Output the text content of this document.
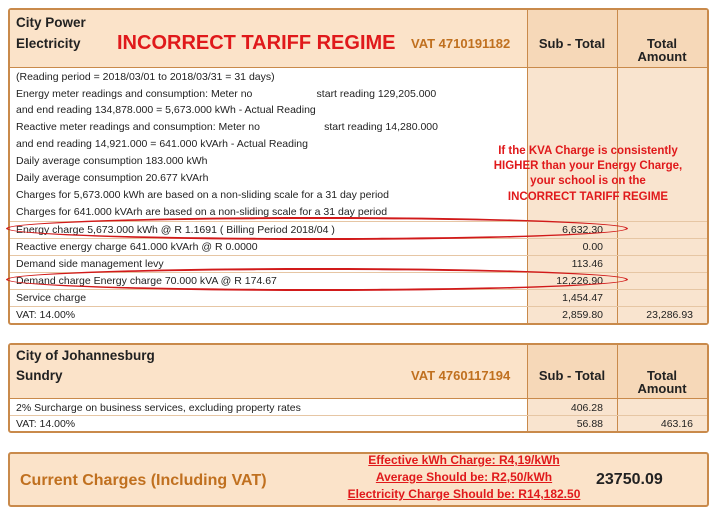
City Power
Electricity INCORRECT TARIFF REGIME VAT 4710191182	Sub - Total	Total Amount
(Reading period = 2018/03/01 to 2018/03/31 = 31 days)
Energy meter readings and consumption: Meter no                      start reading 129,205.000
and end reading 134,878.000 = 5,673.000 kWh - Actual Reading
Reactive meter readings and consumption: Meter no                      start reading 14,280.000
and end reading 14,921.000 = 641.000 kVArh - Actual Reading
Daily average consumption 183.000 kWh
Daily average consumption 20.677 kVArh
Charges for 5,673.000 kWh are based on a non-sliding scale for a 31 day period
Charges for 641.000 kVArh are based on a non-sliding scale for a 31 day period
If the KVA Charge is consistently
HIGHER than your Energy Charge,
your school is on the
INCORRECT TARIFF REGIME
Energy charge 5,673.000 kWh @ R 1.1691 ( Billing Period 2018/04 )	6,632.30
Reactive energy charge 641.000 kVArh @ R 0.0000	0.00
Demand side management levy	113.46
Demand charge Energy charge 70.000 kVA @ R 174.67	12,226.90
Service charge	1,454.47
VAT: 14.00%	2,859.80	23,286.93
City of Johannesburg
Sundry	VAT 4760117194	Sub - Total	Total Amount
2% Surcharge on business services, excluding property rates	406.28
VAT: 14.00%	56.88	463.16
Current Charges (Including VAT)
Effective kWh Charge: R4,19/kWh
Average Should be: R2,50/kWh
Electricity Charge Should be: R14,182.50
23750.09
